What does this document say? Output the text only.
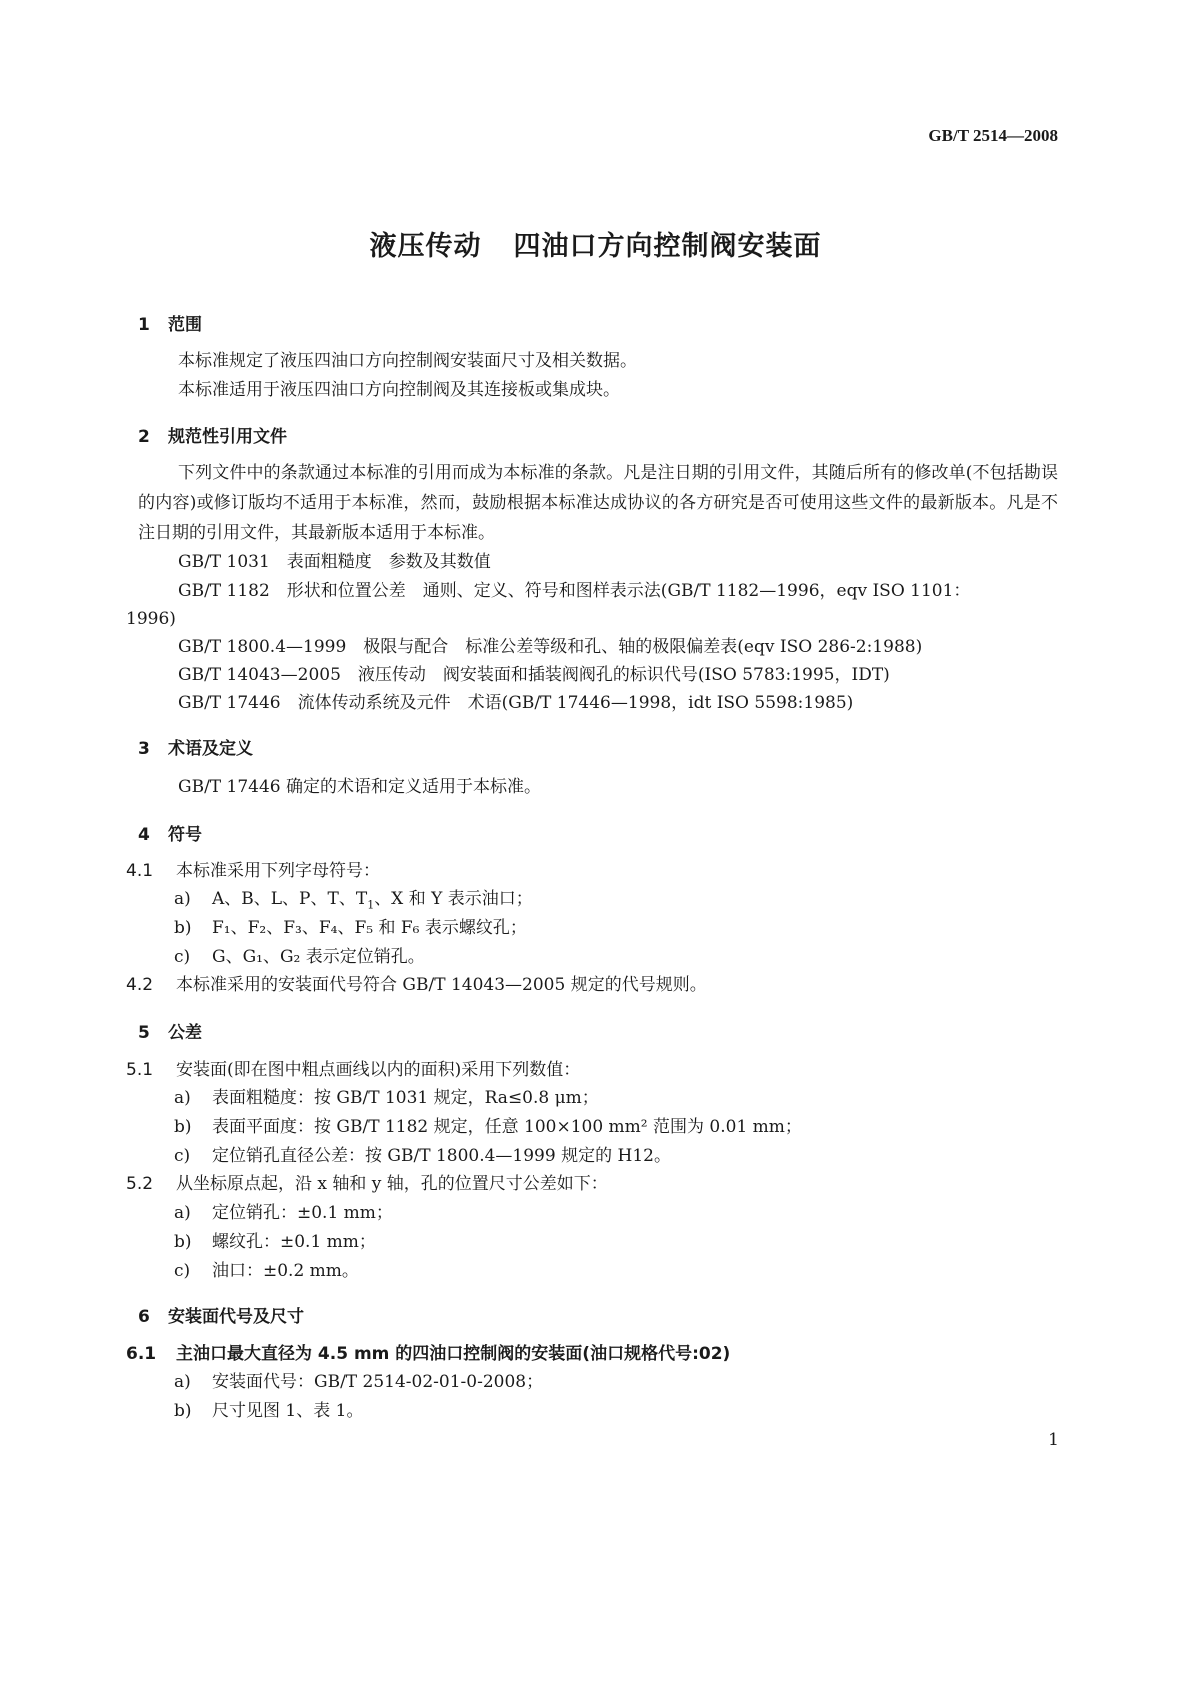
GB/T 2514—2008
液压传动 四油口方向控制阀安装面
1 范围
本标准规定了液压四油口方向控制阀安装面尺寸及相关数据。
本标准适用于液压四油口方向控制阀及其连接板或集成块。
2 规范性引用文件
下列文件中的条款通过本标准的引用而成为本标准的条款。凡是注日期的引用文件，其随后所有的修改单(不包括勘误的内容)或修订版均不适用于本标准，然而，鼓励根据本标准达成协议的各方研究是否可使用这些文件的最新版本。凡是不注日期的引用文件，其最新版本适用于本标准。
GB/T 1031　表面粗糙度　参数及其数值
GB/T 1182　形状和位置公差　通则、定义、符号和图样表示法(GB/T 1182—1996，eqv ISO 1101：
1996)
GB/T 1800.4—1999　极限与配合　标准公差等级和孔、轴的极限偏差表(eqv ISO 286-2:1988)
GB/T 14043—2005　液压传动　阀安装面和插装阀阀孔的标识代号(ISO 5783:1995，IDT)
GB/T 17446　流体传动系统及元件　术语(GB/T 17446—1998，idt ISO 5598:1985)
3 术语及定义
GB/T 17446 确定的术语和定义适用于本标准。
4 符号
4.1 本标准采用下列字母符号：
a) A、B、L、P、T、$T_1$、X 和 Y 表示油口；
b) F₁、F₂、F₃、F₄、F₅ 和 F₆ 表示螺纹孔；
c) G、G₁、G₂ 表示定位销孔。
4.2 本标准采用的安装面代号符合 GB/T 14043—2005 规定的代号规则。
5 公差
5.1 安装面(即在图中粗点画线以内的面积)采用下列数值：
a) 表面粗糙度：按 GB/T 1031 规定，Ra≤0.8 μm；
b) 表面平面度：按 GB/T 1182 规定，任意 100×100 mm² 范围为 0.01 mm；
c) 定位销孔直径公差：按 GB/T 1800.4—1999 规定的 H12。
5.2 从坐标原点起，沿 x 轴和 y 轴，孔的位置尺寸公差如下：
a) 定位销孔：±0.1 mm；
b) 螺纹孔：±0.1 mm；
c) 油口：±0.2 mm。
6 安装面代号及尺寸
6.1 主油口最大直径为 4.5 mm 的四油口控制阀的安装面(油口规格代号:02)
a) 安装面代号：GB/T 2514-02-01-0-2008；
b) 尺寸见图 1、表 1。
1
